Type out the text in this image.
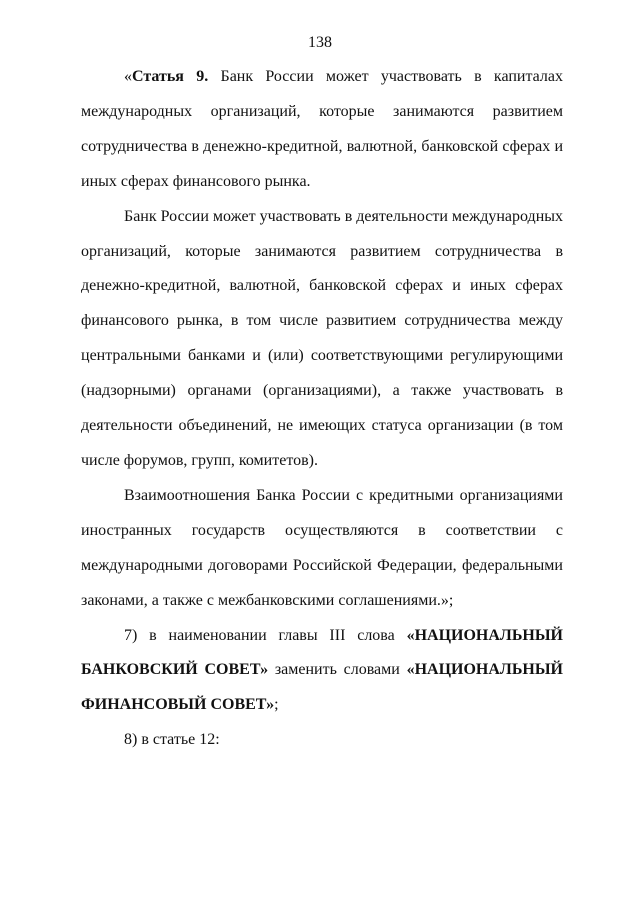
138

«Статья 9. Банк России может участвовать в капиталах международных организаций, которые занимаются развитием сотрудничества в денежно-кредитной, валютной, банковской сферах и иных сферах финансового рынка.

Банк России может участвовать в деятельности международных организаций, которые занимаются развитием сотрудничества в денежно-кредитной, валютной, банковской сферах и иных сферах финансового рынка, в том числе развитием сотрудничества между центральными банками и (или) соответствующими регулирующими (надзорными) органами (организациями), а также участвовать в деятельности объединений, не имеющих статуса организации (в том числе форумов, групп, комитетов).

Взаимоотношения Банка России с кредитными организациями иностранных государств осуществляются в соответствии с международными договорами Российской Федерации, федеральными законами, а также с межбанковскими соглашениями.»;

7) в наименовании главы III слова «НАЦИОНАЛЬНЫЙ БАНКОВСКИЙ СОВЕТ» заменить словами «НАЦИОНАЛЬНЫЙ ФИНАНСОВЫЙ СОВЕТ»;

8) в статье 12:
